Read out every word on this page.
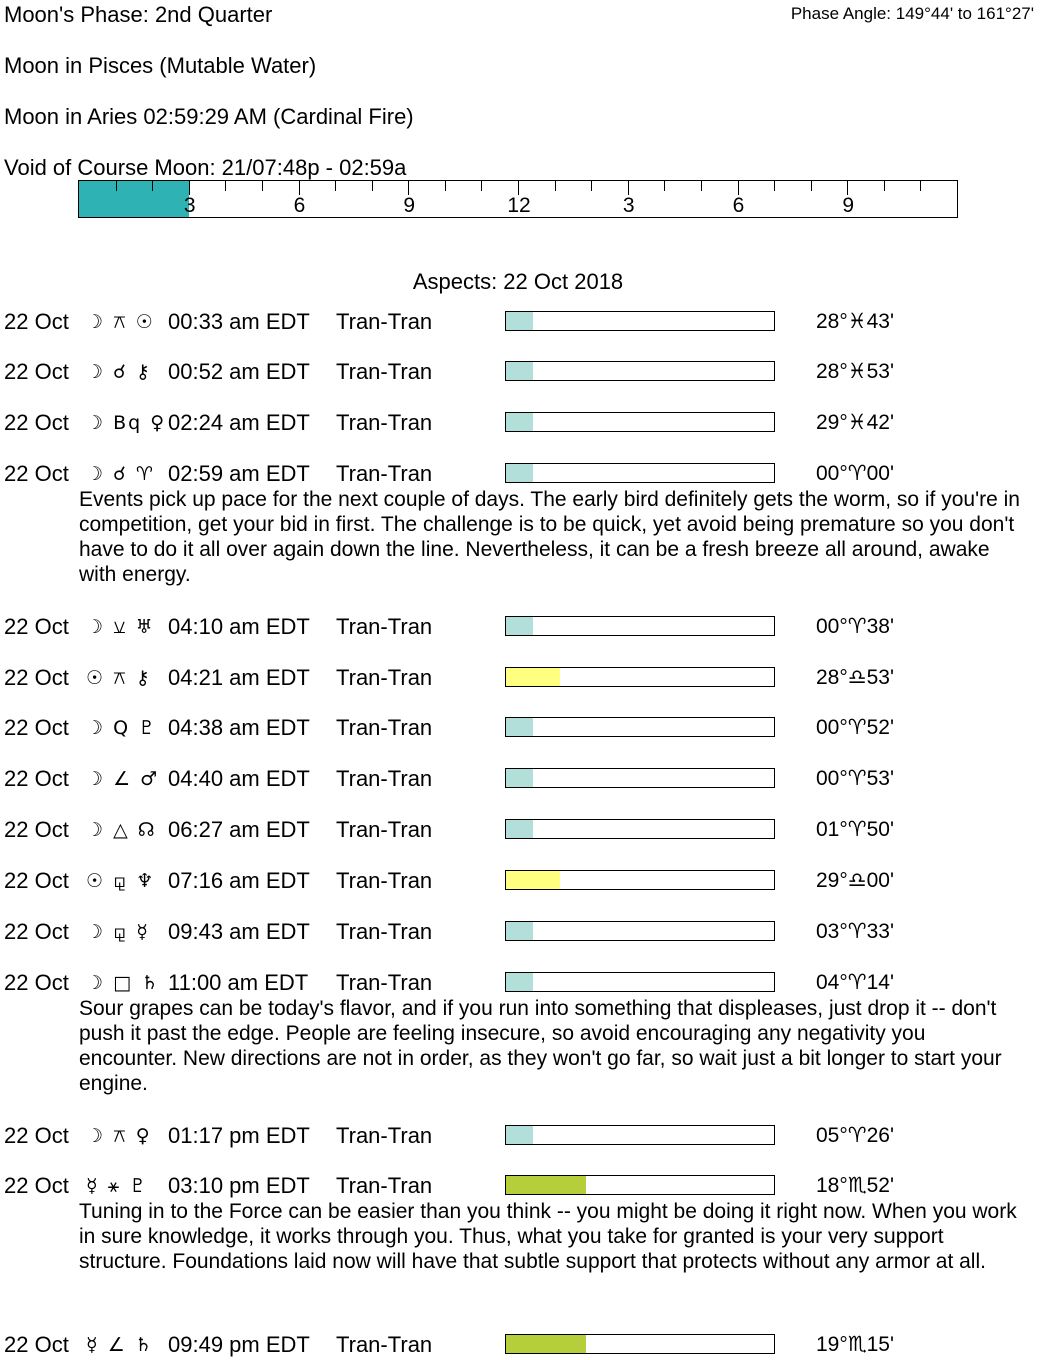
Moon's Phase: 2nd Quarter	Phase Angle: 149°44' to 161°27'
Moon in Pisces (Mutable Water)
Moon in Aries 02:59:29 AM (Cardinal Fire)
Void of Course Moon: 21/07:48p - 02:59a
3	6	9	12	3	6	9
Aspects: 22 Oct 2018
22 Oct ☽ ⚻ ☉ 00:33 am EDT Tran-Tran	28°♓43'
22 Oct ☽ ☌ ⚷ 00:52 am EDT Tran-Tran	28°♓53'
22 Oct ☽ Bq ♀ 02:24 am EDT Tran-Tran	29°♓42'
22 Oct ☽ ☌ ♈ 02:59 am EDT Tran-Tran	00°♈00'
Events pick up pace for the next couple of days. The early bird definitely gets the worm, so if you're in competition, get your bid in first. The challenge is to be quick, yet avoid being premature so you don't have to do it all over again down the line. Nevertheless, it can be a fresh breeze all around, awake with energy.
22 Oct ☽ ⚺ ♅ 04:10 am EDT Tran-Tran	00°♈38'
22 Oct ☉ ⚻ ⚷ 04:21 am EDT Tran-Tran	28°♎53'
22 Oct ☽ Q ♇ 04:38 am EDT Tran-Tran	00°♈52'
22 Oct ☽ ∠ ♂ 04:40 am EDT Tran-Tran	00°♈53'
22 Oct ☽ △ ☊ 06:27 am EDT Tran-Tran	01°♈50'
22 Oct ☉ ⚼ ♆ 07:16 am EDT Tran-Tran	29°♎00'
22 Oct ☽ ⚼ ☿ 09:43 am EDT Tran-Tran	03°♈33'
22 Oct ☽ □ ♄ 11:00 am EDT Tran-Tran	04°♈14'
Sour grapes can be today's flavor, and if you run into something that displeases, just drop it -- don't push it past the edge. People are feeling insecure, so avoid encouraging any negativity you encounter. New directions are not in order, as they won't go far, so wait just a bit longer to start your engine.
22 Oct ☽ ⚻ ♀ 01:17 pm EDT Tran-Tran	05°♈26'
22 Oct ☿ ⚹ ♇ 03:10 pm EDT Tran-Tran	18°♏52'
Tuning in to the Force can be easier than you think -- you might be doing it right now. When you work in sure knowledge, it works through you. Thus, what you take for granted is your very support structure. Foundations laid now will have that subtle support that protects without any armor at all.
22 Oct ☿ ∠ ♄ 09:49 pm EDT Tran-Tran	19°♏15'
